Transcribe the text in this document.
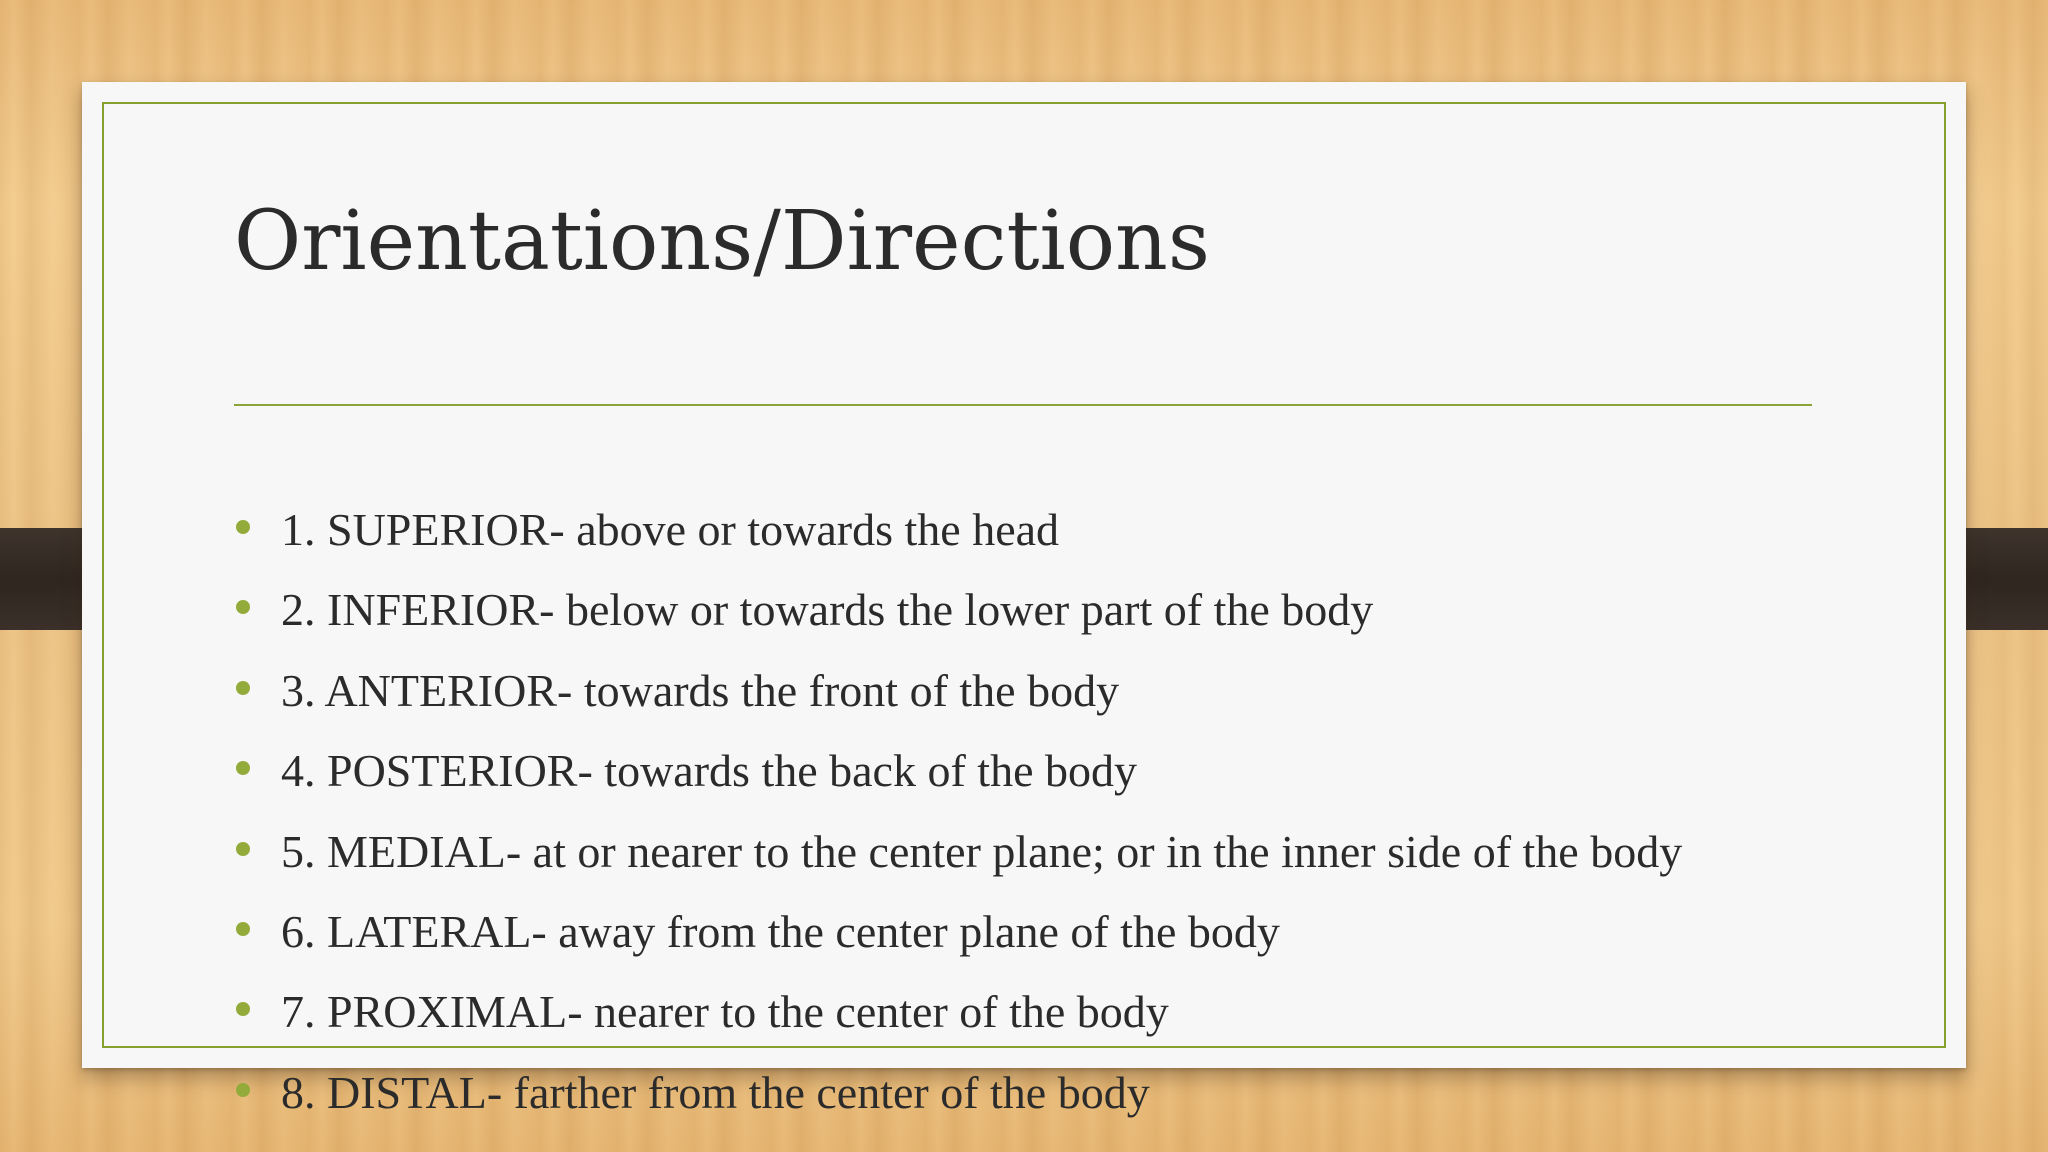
Orientations/Directions
1. SUPERIOR- above or towards the head
2. INFERIOR- below or towards the lower part of the body
3. ANTERIOR- towards the front of the body
4. POSTERIOR- towards the back of the body
5. MEDIAL- at or nearer to the center plane; or in the inner side of the body
6. LATERAL- away from the center plane of the body
7. PROXIMAL- nearer to the center of the body
8. DISTAL- farther from the center of the body
